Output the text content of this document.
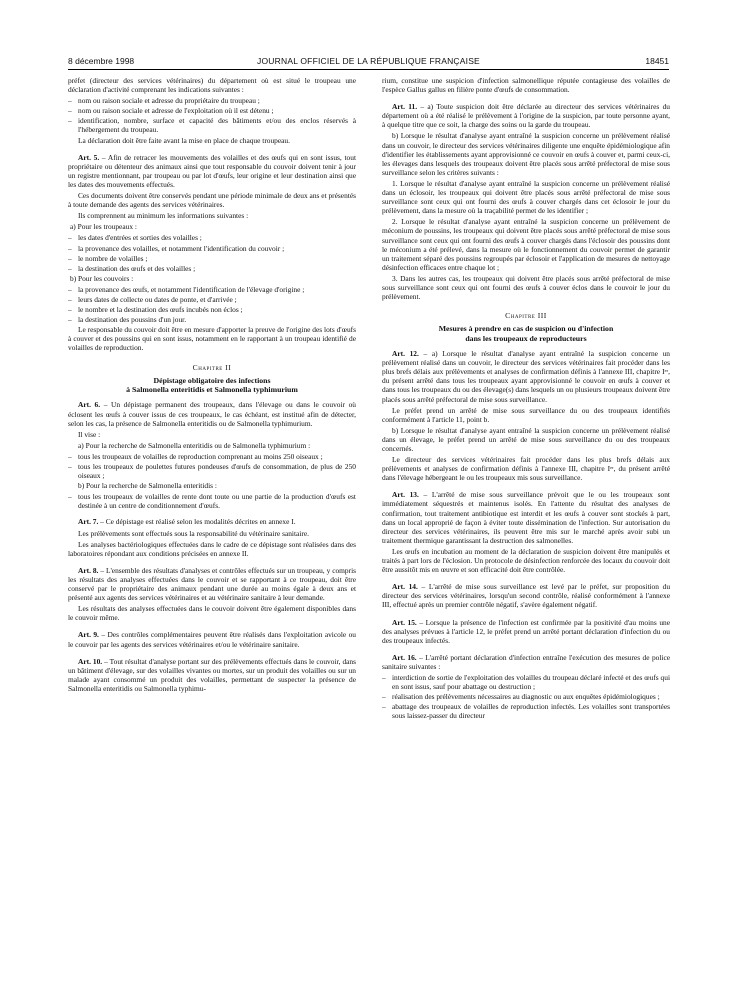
8 décembre 1998	JOURNAL OFFICIEL DE LA RÉPUBLIQUE FRANÇAISE	18451

préfet (directeur des services vétérinaires) du département où est situé le troupeau une déclaration d'activité comprenant les indications suivantes :

– nom ou raison sociale et adresse du propriétaire du troupeau ;

– nom ou raison sociale et adresse de l'exploitation où il est détenu ;

– identification, nombre, surface et capacité des bâtiments et/ou des enclos réservés à l'hébergement du troupeau.

La déclaration doit être faite avant la mise en place de chaque troupeau.

Art. 5. – Afin de retracer les mouvements des volailles et des œufs qui en sont issus, tout propriétaire ou détenteur des animaux ainsi que tout responsable du couvoir doivent tenir à jour un registre mentionnant, par troupeau ou par lot d'œufs, leur origine et leur destination ainsi que les dates des mouvements effectués.

Ces documents doivent être conservés pendant une période minimale de deux ans et présentés à toute demande des agents des services vétérinaires.

Ils comprennent au minimum les informations suivantes :

a) Pour les troupeaux :

– les dates d'entrées et sorties des volailles ;

– la provenance des volailles, et notamment l'identification du couvoir ;

– le nombre de volailles ;

– la destination des œufs et des volailles ;

b) Pour les couvoirs :

– la provenance des œufs, et notamment l'identification de l'élevage d'origine ;

– leurs dates de collecte ou dates de ponte, et d'arrivée ;

– le nombre et la destination des œufs incubés non éclos ;

– la destination des poussins d'un jour.

Le responsable du couvoir doit être en mesure d'apporter la preuve de l'origine des lots d'œufs à couver et des poussins qui en sont issus, notamment en le rapportant à un troupeau identifié de volailles de reproduction.

Chapitre II

Dépistage obligatoire des infections
à Salmonella enteritidis et Salmonella typhimurium

Art. 6. – Un dépistage permanent des troupeaux, dans l'élevage ou dans le couvoir où éclosent les œufs à couver issus de ces troupeaux, le cas échéant, est institué afin de détecter, selon les cas, la présence de Salmonella enteritidis ou de Salmonella typhimurium.

Il vise :

a) Pour la recherche de Salmonella enteritidis ou de Salmonella typhimurium :

– tous les troupeaux de volailles de reproduction comprenant au moins 250 oiseaux ;

– tous les troupeaux de poulettes futures pondeuses d'œufs de consommation, de plus de 250 oiseaux ;

b) Pour la recherche de Salmonella enteritidis :

– tous les troupeaux de volailles de rente dont toute ou une partie de la production d'œufs est destinée à un centre de conditionnement d'œufs.

Art. 7. – Ce dépistage est réalisé selon les modalités décrites en annexe I.

Les prélèvements sont effectués sous la responsabilité du vétérinaire sanitaire.

Les analyses bactériologiques effectuées dans le cadre de ce dépistage sont réalisées dans des laboratoires répondant aux conditions précisées en annexe II.

Art. 8. – L'ensemble des résultats d'analyses et contrôles effectués sur un troupeau, y compris les résultats des analyses effectuées dans le couvoir et se rapportant à ce troupeau, doit être conservé par le propriétaire des animaux pendant une durée au moins égale à deux ans et présenté aux agents des services vétérinaires et au vétérinaire sanitaire à leur demande.

Les résultats des analyses effectuées dans le couvoir doivent être également disponibles dans le couvoir même.

Art. 9. – Des contrôles complémentaires peuvent être réalisés dans l'exploitation avicole ou le couvoir par les agents des services vétérinaires et/ou le vétérinaire sanitaire.

Art. 10. – Tout résultat d'analyse portant sur des prélèvements effectués dans le couvoir, dans un bâtiment d'élevage, sur des volailles vivantes ou mortes, sur un produit des volailles ou sur un malade ayant consommé un produit des volailles, permettant de suspecter la présence de Salmonella enteritidis ou Salmonella typhimu-

rium, constitue une suspicion d'infection salmonellique réputée contagieuse des volailles de l'espèce Gallus gallus en filière ponte d'œufs de consommation.

Art. 11. – a) Toute suspicion doit être déclarée au directeur des services vétérinaires du département où a été réalisé le prélèvement à l'origine de la suspicion, par toute personne ayant, à quelque titre que ce soit, la charge des soins ou la garde du troupeau.

b) Lorsque le résultat d'analyse ayant entraîné la suspicion concerne un prélèvement réalisé dans un couvoir, le directeur des services vétérinaires diligente une enquête épidémiologique afin d'identifier les établissements ayant approvisionné ce couvoir en œufs à couver et, parmi ceux-ci, les élevages dans lesquels des troupeaux doivent être placés sous arrêté préfectoral de mise sous surveillance selon les critères suivants :

1. Lorsque le résultat d'analyse ayant entraîné la suspicion concerne un prélèvement réalisé dans un éclosoir, les troupeaux qui doivent être placés sous arrêté préfectoral de mise sous surveillance sont ceux qui ont fourni des œufs à couver chargés dans cet éclosoir le jour du prélèvement, dans la mesure où la traçabilité permet de les identifier ;

2. Lorsque le résultat d'analyse ayant entraîné la suspicion concerne un prélèvement de méconium de poussins, les troupeaux qui doivent être placés sous arrêté préfectoral de mise sous surveillance sont ceux qui ont fourni des œufs à couver chargés dans l'éclosoir des poussins dont le méconium a été prélevé, dans la mesure où le fonctionnement du couvoir permet de garantir un traitement séparé des poussins regroupés par éclosoir et l'application de mesures de nettoyage désinfection efficaces entre chaque lot ;

3. Dans les autres cas, les troupeaux qui doivent être placés sous arrêté préfectoral de mise sous surveillance sont ceux qui ont fourni des œufs à couver éclos dans le couvoir le jour du prélèvement.

Chapitre III

Mesures à prendre en cas de suspicion ou d'infection
dans les troupeaux de reproducteurs

Art. 12. – a) Lorsque le résultat d'analyse ayant entraîné la suspicion concerne un prélèvement réalisé dans un couvoir, le directeur des services vétérinaires fait procéder dans les plus brefs délais aux prélèvements et analyses de confirmation définis à l'annexe III, chapitre Iᵉʳ, du présent arrêté dans tous les troupeaux ayant approvisionné le couvoir en œufs à couver et dans tous les troupeaux du ou des élevage(s) dans lesquels un ou plusieurs troupeaux doivent être placés sous arrêté préfectoral de mise sous surveillance.

Le préfet prend un arrêté de mise sous surveillance du ou des troupeaux identifiés conformément à l'article 11, point b.

b) Lorsque le résultat d'analyse ayant entraîné la suspicion concerne un prélèvement réalisé dans un élevage, le préfet prend un arrêté de mise sous surveillance du ou des troupeaux concernés.

Le directeur des services vétérinaires fait procéder dans les plus brefs délais aux prélèvements et analyses de confirmation définis à l'annexe III, chapitre Iᵉʳ, du présent arrêté dans l'élevage hébergeant le ou les troupeaux mis sous surveillance.

Art. 13. – L'arrêté de mise sous surveillance prévoit que le ou les troupeaux sont immédiatement séquestrés et maintenus isolés. En l'attente du résultat des analyses de confirmation, tout traitement antibiotique est interdit et les œufs à couver sont stockés à part, dans un local approprié de façon à éviter toute dissémination de l'infection. Sur autorisation du directeur des services vétérinaires, ils peuvent être mis sur le marché après avoir subi un traitement thermique garantissant la destruction des salmonelles.

Les œufs en incubation au moment de la déclaration de suspicion doivent être manipulés et traités à part lors de l'éclosion. Un protocole de désinfection renforcée des locaux du couvoir doit être aussitôt mis en œuvre et son efficacité doit être contrôlée.

Art. 14. – L'arrêté de mise sous surveillance est levé par le préfet, sur proposition du directeur des services vétérinaires, lorsqu'un second contrôle, réalisé conformément à l'annexe III, effectué après un premier contrôle négatif, s'avère également négatif.

Art. 15. – Lorsque la présence de l'infection est confirmée par la positivité d'au moins une des analyses prévues à l'article 12, le préfet prend un arrêté portant déclaration d'infection du ou des troupeaux infectés.

Art. 16. – L'arrêté portant déclaration d'infection entraîne l'exécution des mesures de police sanitaire suivantes :

– interdiction de sortie de l'exploitation des volailles du troupeau déclaré infecté et des œufs qui en sont issus, sauf pour abattage ou destruction ;

– réalisation des prélèvements nécessaires au diagnostic ou aux enquêtes épidémiologiques ;

– abattage des troupeaux de volailles de reproduction infectés. Les volailles sont transportées sous laissez-passer du directeur
